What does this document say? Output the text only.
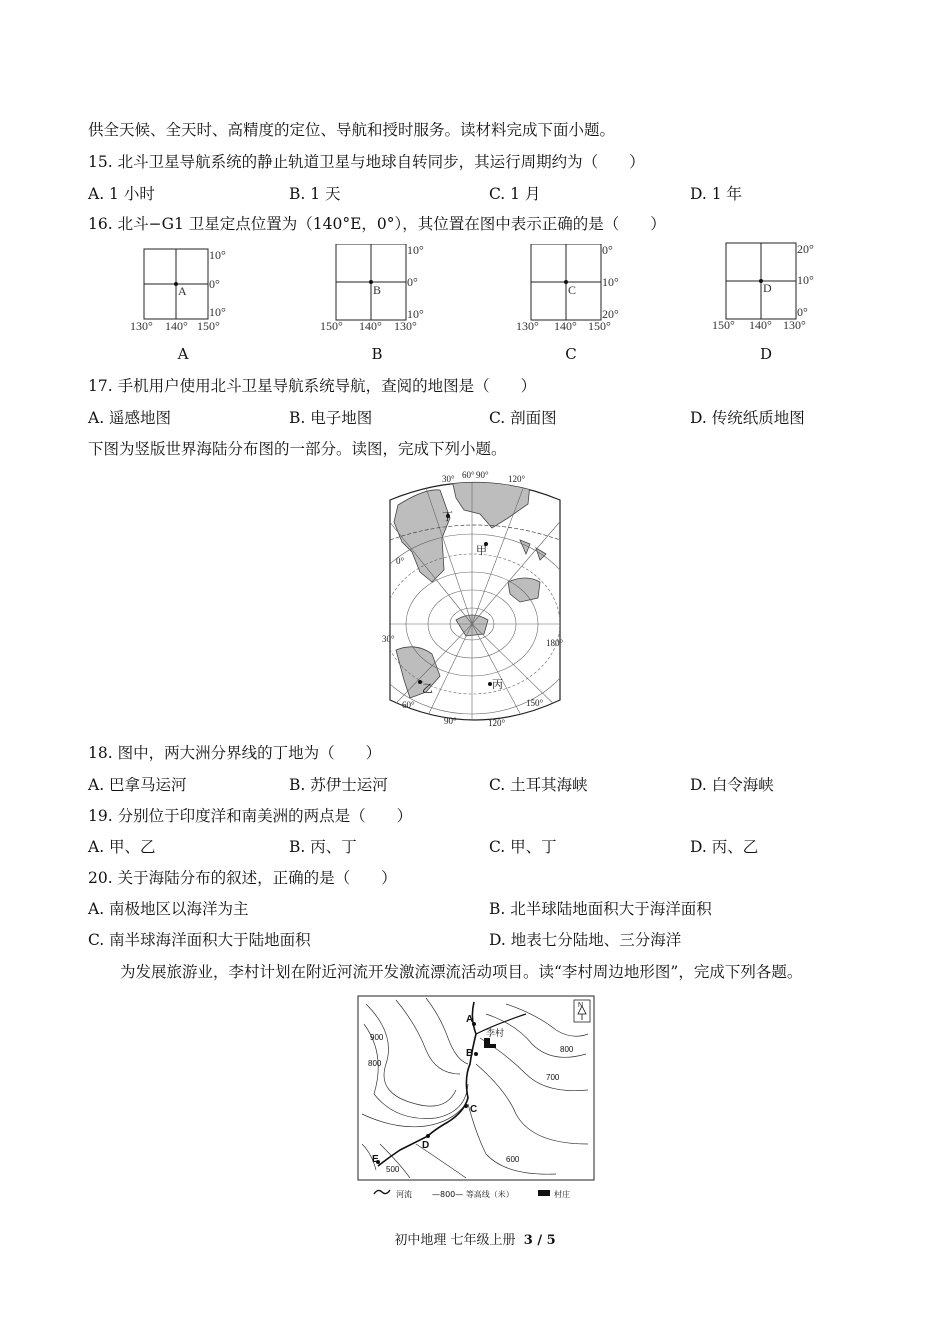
供全天候、全天时、高精度的定位、导航和授时服务。读材料完成下面小题。
15. 北斗卫星导航系统的静止轨道卫星与地球自转同步，其运行周期约为（　　）
A. 1 小时	B. 1 天	C. 1 月	D. 1 年
16. 北斗−G1 卫星定点位置为（140°E，0°），其位置在图中表示正确的是（　　）
A
10°
0°
10°
130° 140° 150°
A
B
10°
0°
10°
150° 140° 130°
B
C
0°
10°
20°
130° 140° 150°
C
D
20°
10°
0°
150° 140° 130°
D
17. 手机用户使用北斗卫星导航系统导航，查阅的地图是（　　）
A. 遥感地图	B. 电子地图	C. 剖面图	D. 传统纸质地图
下图为竖版世界海陆分布图的一部分。读图，完成下列小题。
30° 60° 90° 120°
0°
30°	180°
60°
90°	120°
150°
丁
甲
乙	丙
18. 图中，两大洲分界线的丁地为（　　）
A. 巴拿马运河	B. 苏伊士运河	C. 土耳其海峡	D. 白令海峡
19. 分别位于印度洋和南美洲的两点是（　　）
A. 甲、乙	B. 丙、丁	C. 甲、丁	D. 丙、乙
20. 关于海陆分布的叙述，正确的是（　　）
A. 南极地区以海洋为主	B. 北半球陆地面积大于海洋面积
C. 南半球海洋面积大于陆地面积	D. 地表七分陆地、三分海洋
为发展旅游业，李村计划在附近河流开发激流漂流活动项目。读“李村周边地形图”，完成下列各题。
N
李村
A
B
C
D
E
900
800
800
700
600
500
河流	—800— 等高线（米）	村庄
初中地理 七年级上册 3 / 5
